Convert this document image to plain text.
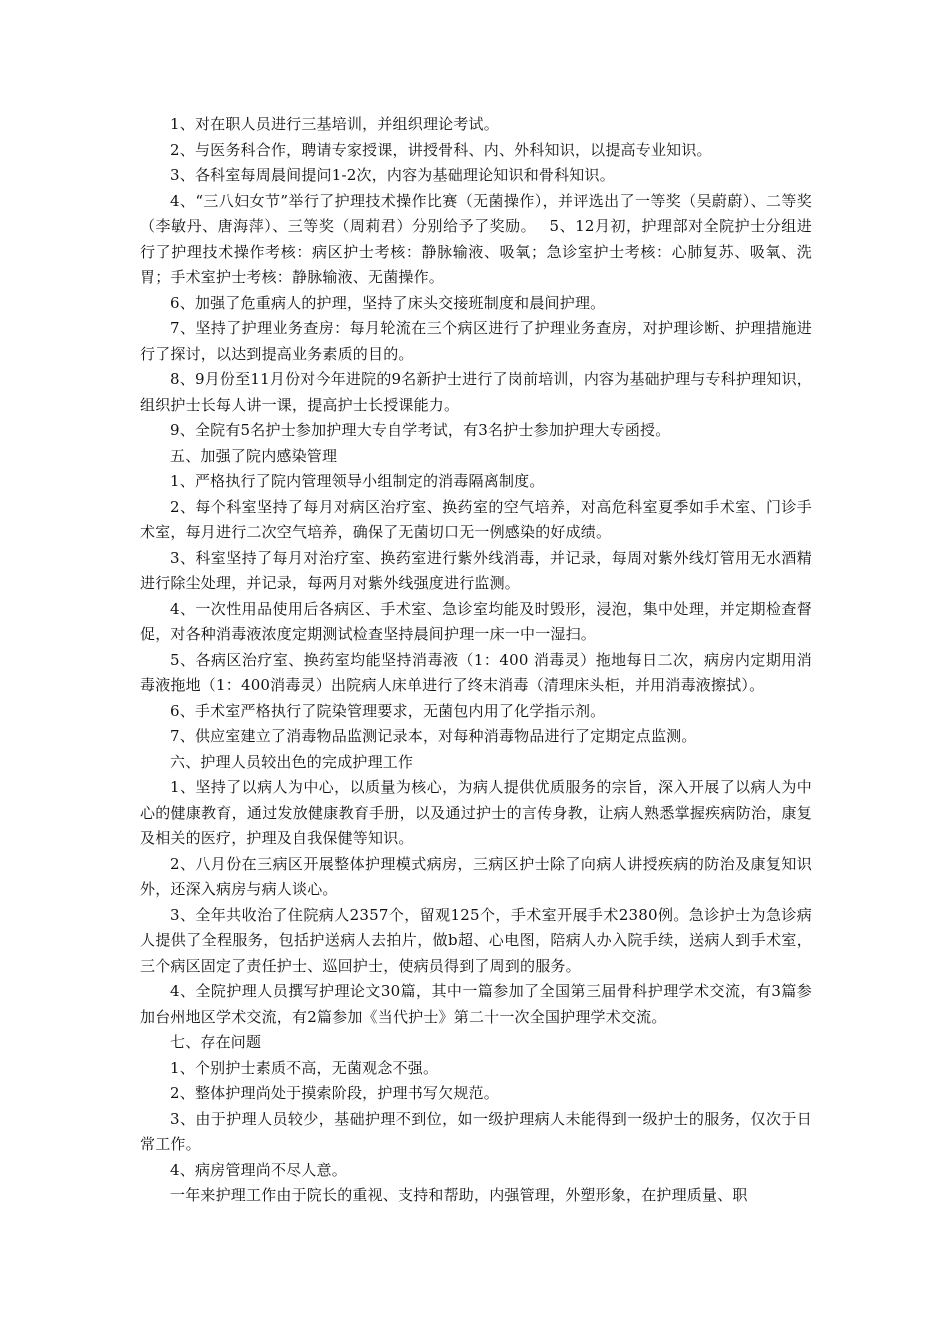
1、对在职人员进行三基培训，并组织理论考试。

2、与医务科合作，聘请专家授课，讲授骨科、内、外科知识，以提高专业知识。

3、各科室每周晨间提问1-2次，内容为基础理论知识和骨科知识。

4、“三八妇女节”举行了护理技术操作比赛（无菌操作），并评选出了一等奖（吴蔚蔚）、二等奖（李敏丹、唐海萍）、三等奖（周莉君）分别给予了奖励。　 5、12月初，护理部对全院护士分组进行了护理技术操作考核：病区护士考核：静脉输液、吸氧；急诊室护士考核：心肺复苏、吸氧、洗胃；手术室护士考核：静脉输液、无菌操作。

6、加强了危重病人的护理，坚持了床头交接班制度和晨间护理。

7、坚持了护理业务查房：每月轮流在三个病区进行了护理业务查房，对护理诊断、护理措施进行了探讨，以达到提高业务素质的目的。

8、9月份至11月份对今年进院的9名新护士进行了岗前培训，内容为基础护理与专科护理知识，组织护士长每人讲一课，提高护士长授课能力。

9、全院有5名护士参加护理大专自学考试，有3名护士参加护理大专函授。

五、加强了院内感染管理

1、严格执行了院内管理领导小组制定的消毒隔离制度。

2、每个科室坚持了每月对病区治疗室、换药室的空气培养，对高危科室夏季如手术室、门诊手术室，每月进行二次空气培养，确保了无菌切口无一例感染的好成绩。

3、科室坚持了每月对治疗室、换药室进行紫外线消毒，并记录，每周对紫外线灯管用无水酒精进行除尘处理，并记录，每两月对紫外线强度进行监测。

4、一次性用品使用后各病区、手术室、急诊室均能及时毁形，浸泡，集中处理，并定期检查督促，对各种消毒液浓度定期测试检查坚持晨间护理一床一中一湿扫。

5、各病区治疗室、换药室均能坚持消毒液（1：400 消毒灵）拖地每日二次，病房内定期用消毒液拖地（1：400消毒灵）出院病人床单进行了终末消毒（清理床头柜，并用消毒液擦拭）。

6、手术室严格执行了院染管理要求，无菌包内用了化学指示剂。

7、供应室建立了消毒物品监测记录本，对每种消毒物品进行了定期定点监测。

六、护理人员较出色的完成护理工作

1、坚持了以病人为中心，以质量为核心，为病人提供优质服务的宗旨，深入开展了以病人为中心的健康教育，通过发放健康教育手册，以及通过护士的言传身教，让病人熟悉掌握疾病防治，康复及相关的医疗，护理及自我保健等知识。

2、八月份在三病区开展整体护理模式病房，三病区护士除了向病人讲授疾病的防治及康复知识外，还深入病房与病人谈心。

3、全年共收治了住院病人2357个，留观125个，手术室开展手术2380例。急诊护士为急诊病人提供了全程服务，包括护送病人去拍片，做b超、心电图，陪病人办入院手续，送病人到手术室，三个病区固定了责任护士、巡回护士，使病员得到了周到的服务。

4、全院护理人员撰写护理论文30篇，其中一篇参加了全国第三届骨科护理学术交流，有3篇参加台州地区学术交流，有2篇参加《当代护士》第二十一次全国护理学术交流。

七、存在问题

1、个别护士素质不高，无菌观念不强。

2、整体护理尚处于摸索阶段，护理书写欠规范。

3、由于护理人员较少，基础护理不到位，如一级护理病人未能得到一级护士的服务，仅次于日常工作。

4、病房管理尚不尽人意。

一年来护理工作由于院长的重视、支持和帮助，内强管理，外塑形象，在护理质量、职
